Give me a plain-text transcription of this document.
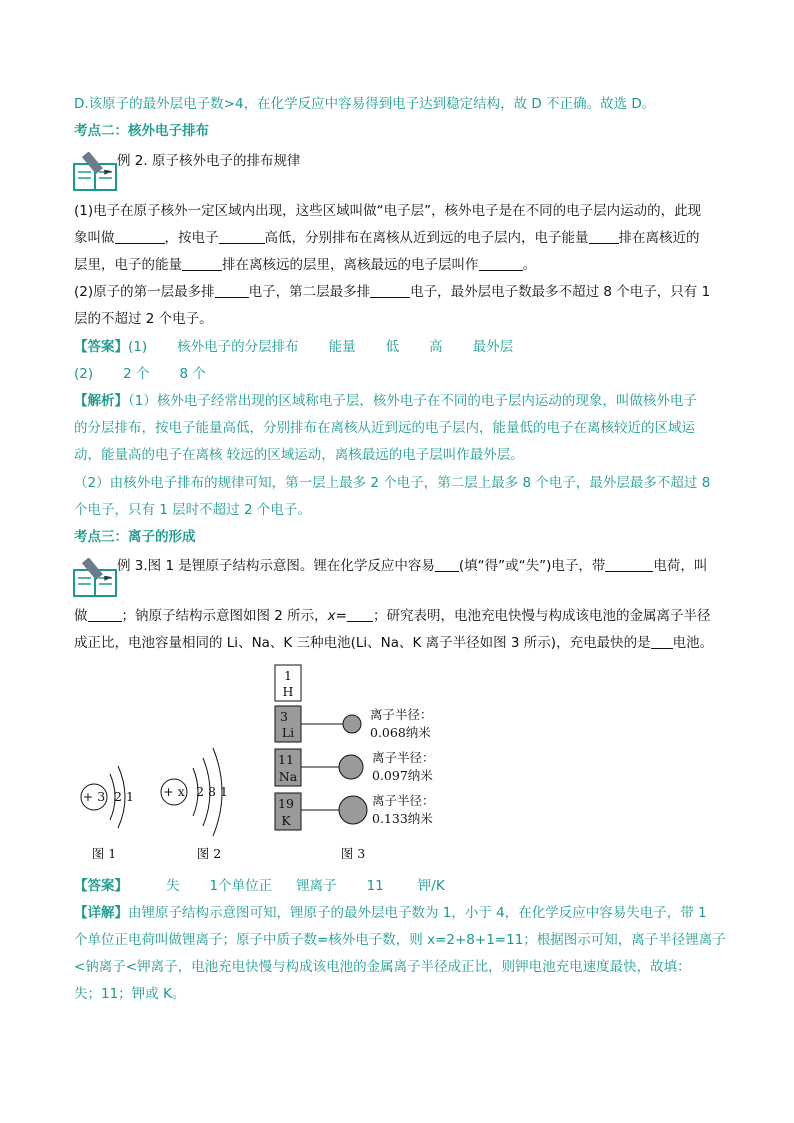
D.该原子的最外层电子数>4，在化学反应中容易得到电子达到稳定结构，故 D 不正确。故选 D。
考点二：核外电子排布
例 2. 原子核外电子的排布规律
(1)电子在原子核外一定区域内出现，这些区域叫做“电子层”，核外电子是在不同的电子层内运动的，此现
象叫做	，按电子	高低，分别排布在离核从近到远的电子层内，电子能量 排在离核近的
层里，电子的能量	排在离核远的层里，离核最远的电子层叫作	。
(2)原子的第一层最多排	电子，第二层最多排	电子，最外层电子数最多不超过 8 个电子，只有 1
层的不超过 2 个电子。
【答案】(1) 核外电子的分层排布 能量 低 高 最外层
(2) 2 个 8 个
【解析】（1）核外电子经常出现的区域称电子层，核外电子在不同的电子层内运动的现象，叫做核外电子
的分层排布，按电子能量高低，分别排布在离核从近到远的电子层内，能量低的电子在离核较近的区域运
动，能量高的电子在离核 较远的区域运动，离核最远的电子层叫作最外层。
（2）由核外电子排布的规律可知，第一层上最多 2 个电子，第二层上最多 8 个电子，最外层最多不超过 8
个电子，只有 1 层时不超过 2 个电子。
考点三：离子的形成
例 3.图 1 是锂原子结构示意图。锂在化学反应中容易 (填“得”或“失”)电子，带	电荷，叫
做	；钠原子结构示意图如图 2 所示，x= ；研究表明，电池充电快慢与构成该电池的金属离子半径
成正比，电池容量相同的 Li、Na、K 三种电池(Li、Na、K 离子半径如图 3 所示)，充电最快的是 电池。
+ 3 2 1
图 1
+ x 2 8 1
图 2
1
H
3
Li
离子半径：
0.068纳米
11
Na
离子半径：
0.097纳米
19
K
离子半径：
0.133纳米
图 3
【答案】	失 1个单位正 锂离子 11	钾/K
【详解】由锂原子结构示意图可知，锂原子的最外层电子数为 1，小于 4，在化学反应中容易失电子，带 1
个单位正电荷叫做锂离子；原子中质子数=核外电子数，则 x=2+8+1=11；根据图示可知，离子半径锂离子
<钠离子<钾离子，电池充电快慢与构成该电池的金属离子半径成正比，则钾电池充电速度最快，故填：
失；11；钾或 K。
